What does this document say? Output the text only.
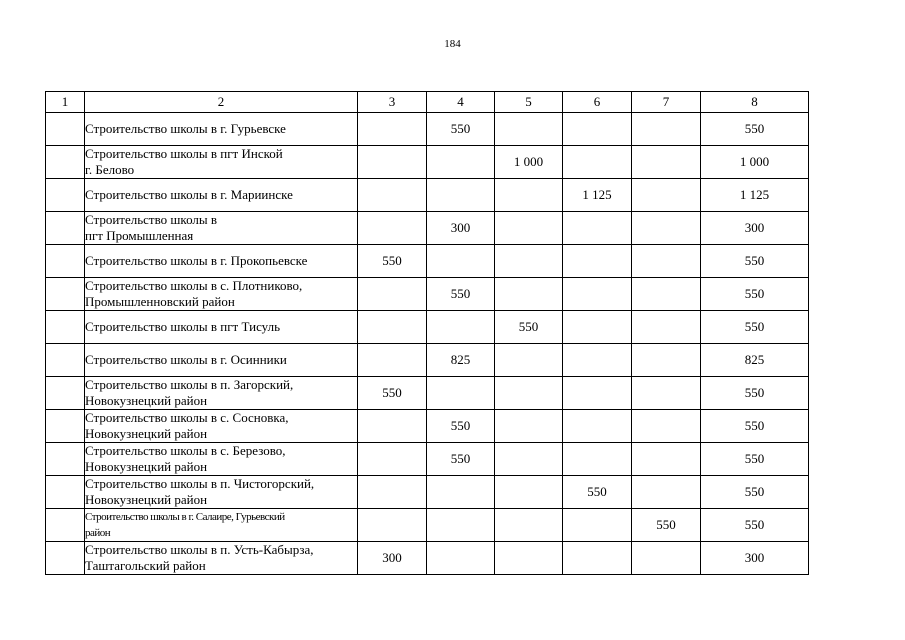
184
1	2	3	4	5	6	7	8
	Строительство школы в г. Гурьевске		550				550
	Строительство школы в пгт Инской
г. Белово			1 000			1 000
	Строительство школы в г. Мариинске				1 125		1 125
	Строительство школы в
пгт Промышленная		300				300
	Строительство школы в г. Прокопьевске	550					550
	Строительство школы в с. Плотниково,
Промышленновский район		550				550
	Строительство школы в пгт Тисуль			550			550
	Строительство школы в г. Осинники		825				825
	Строительство школы в п. Загорский,
Новокузнецкий район	550					550
	Строительство школы в с. Сосновка,
Новокузнецкий район		550				550
	Строительство школы в с. Березово,
Новокузнецкий район		550				550
	Строительство школы в п. Чистогорский,
Новокузнецкий район				550		550
	Строительство школы в г. Салаире, Гурьевский
район					550	550
	Строительство школы в п. Усть-Кабырза,
Таштагольский район	300					300
